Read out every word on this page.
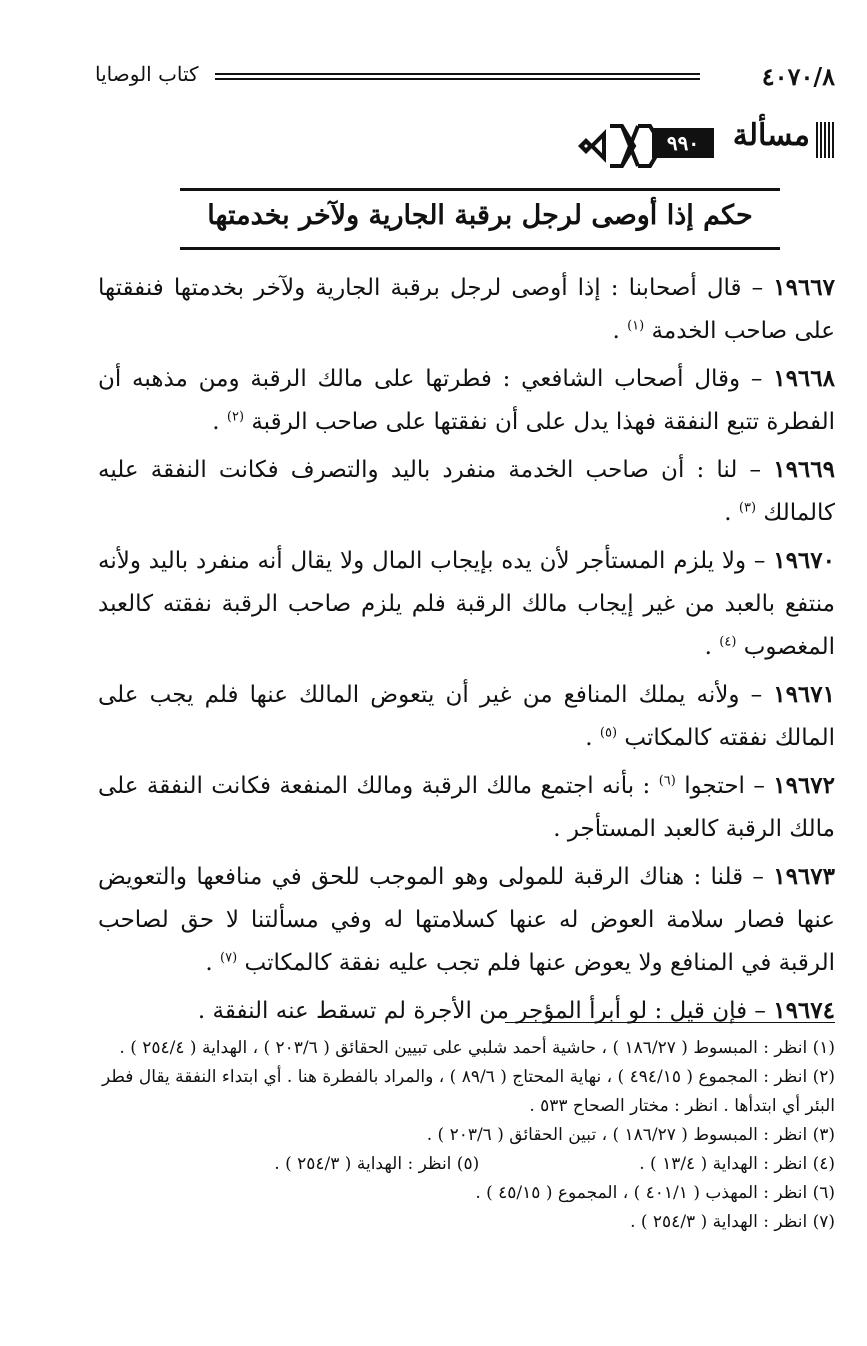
٤٠٧٠/٨
كتاب الوصايا
مسألة
٩٩٠
حكم إذا أوصى لرجل برقبة الجارية ولآخر بخدمتها

١٩٦٦٧ – قال أصحابنا : إذا أوصى لرجل برقبة الجارية ولآخر بخدمتها فنفقتها على صاحب الخدمة $^{(١)}$ .

١٩٦٦٨ – وقال أصحاب الشافعي : فطرتها على مالك الرقبة ومن مذهبه أن الفطرة تتبع النفقة فهذا يدل على أن نفقتها على صاحب الرقبة $^{(٢)}$ .

١٩٦٦٩ – لنا : أن صاحب الخدمة منفرد باليد والتصرف فكانت النفقة عليه كالمالك $^{(٣)}$ .

١٩٦٧٠ – ولا يلزم المستأجر لأن يده بإيجاب المال ولا يقال أنه منفرد باليد ولأنه منتفع بالعبد من غير إيجاب مالك الرقبة فلم يلزم صاحب الرقبة نفقته كالعبد المغصوب $^{(٤)}$ .

١٩٦٧١ – ولأنه يملك المنافع من غير أن يتعوض المالك عنها فلم يجب على المالك نفقته كالمكاتب $^{(٥)}$ .

١٩٦٧٢ – احتجوا $^{(٦)}$ : بأنه اجتمع مالك الرقبة ومالك المنفعة فكانت النفقة على مالك الرقبة كالعبد المستأجر .

١٩٦٧٣ – قلنا : هناك الرقبة للمولى وهو الموجب للحق في منافعها والتعويض عنها فصار سلامة العوض له عنها كسلامتها له وفي مسألتنا لا حق لصاحب الرقبة في المنافع ولا يعوض عنها فلم تجب عليه نفقة كالمكاتب $^{(٧)}$ .

١٩٦٧٤ – فإن قيل : لو أبرأ المؤجر من الأجرة لم تسقط عنه النفقة .

(١) انظر : المبسوط ( ١٨٦/٢٧ ) ، حاشية أحمد شلبي على تبيين الحقائق ( ٢٠٣/٦ ) ، الهداية ( ٢٥٤/٤ ) .

(٢) انظر : المجموع ( ٤٩٤/١٥ ) ، نهاية المحتاج ( ٨٩/٦ ) ، والمراد بالفطرة هنا . أي ابتداء النفقة يقال فطر البئر أي ابتدأها . انظر : مختار الصحاح ٥٣٣ .

(٣) انظر : المبسوط ( ١٨٦/٢٧ ) ، تبين الحقائق ( ٢٠٣/٦ ) .

(٤) انظر : الهداية ( ١٣/٤ ) .
(٥) انظر : الهداية ( ٢٥٤/٣ ) .

(٦) انظر : المهذب ( ٤٠١/١ ) ، المجموع ( ٤٥/١٥ ) .

(٧) انظر : الهداية ( ٢٥٤/٣ ) .
